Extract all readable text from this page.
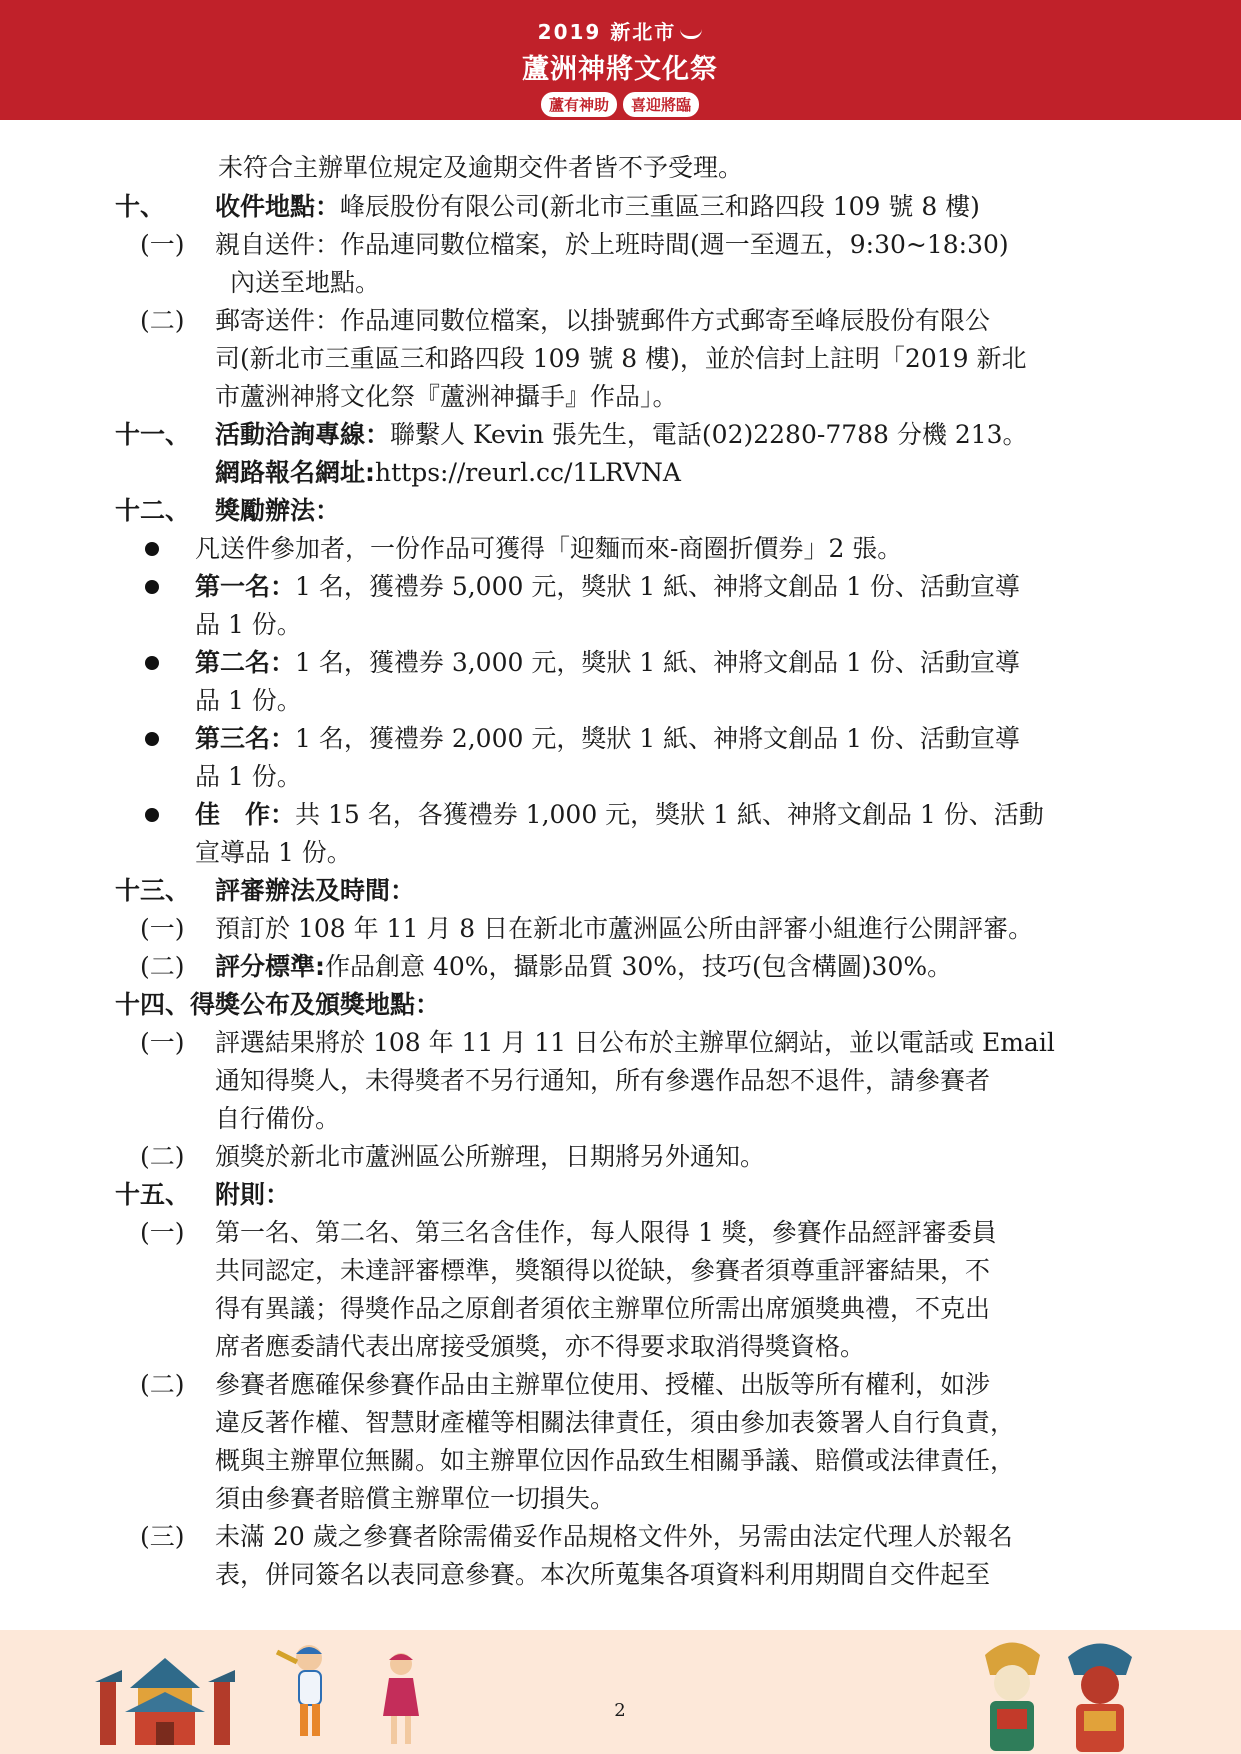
2019 新北市
蘆洲神將文化祭
蘆有神助	喜迎將臨
未符合主辦單位規定及逾期交件者皆不予受理。
十、 收件地點：峰辰股份有限公司(新北市三重區三和路四段 109 號 8 樓)
(一) 親自送件：作品連同數位檔案，於上班時間(週一至週五，9:30~18:30)
內送至地點。
(二) 郵寄送件：作品連同數位檔案，以掛號郵件方式郵寄至峰辰股份有限公
司(新北市三重區三和路四段 109 號 8 樓)，並於信封上註明「2019 新北
市蘆洲神將文化祭『蘆洲神攝手』作品」。
十一、 活動洽詢專線：聯繫人 Kevin 張先生，電話(02)2280-7788 分機 213。
網路報名網址:https://reurl.cc/1LRVNA
十二、 獎勵辦法：
凡送件參加者，一份作品可獲得「迎麵而來-商圈折價券」2 張。
第一名：1 名，獲禮券 5,000 元，獎狀 1 紙、神將文創品 1 份、活動宣導
品 1 份。
第二名：1 名，獲禮券 3,000 元，獎狀 1 紙、神將文創品 1 份、活動宣導
品 1 份。
第三名：1 名，獲禮券 2,000 元，獎狀 1 紙、神將文創品 1 份、活動宣導
品 1 份。
佳　作：共 15 名，各獲禮券 1,000 元，獎狀 1 紙、神將文創品 1 份、活動
宣導品 1 份。
十三、 評審辦法及時間：
(一) 預訂於 108 年 11 月 8 日在新北市蘆洲區公所由評審小組進行公開評審。
(二) 評分標準:作品創意 40%，攝影品質 30%，技巧(包含構圖)30%。
十四、得獎公布及頒獎地點：
(一) 評選結果將於 108 年 11 月 11 日公布於主辦單位網站，並以電話或 Email
通知得獎人，未得獎者不另行通知，所有參選作品恕不退件，請參賽者
自行備份。
(二) 頒獎於新北市蘆洲區公所辦理，日期將另外通知。
十五、 附則：
(一) 第一名、第二名、第三名含佳作，每人限得 1 獎，參賽作品經評審委員
共同認定，未達評審標準，獎額得以從缺，參賽者須尊重評審結果，不
得有異議；得獎作品之原創者須依主辦單位所需出席頒獎典禮，不克出
席者應委請代表出席接受頒獎，亦不得要求取消得獎資格。
(二) 參賽者應確保參賽作品由主辦單位使用、授權、出版等所有權利，如涉
違反著作權、智慧財產權等相關法律責任，須由參加表簽署人自行負責，
概與主辦單位無關。如主辦單位因作品致生相關爭議、賠償或法律責任，
須由參賽者賠償主辦單位一切損失。
(三) 未滿 20 歲之參賽者除需備妥作品規格文件外，另需由法定代理人於報名
表，併同簽名以表同意參賽。本次所蒐集各項資料利用期間自交件起至
2
